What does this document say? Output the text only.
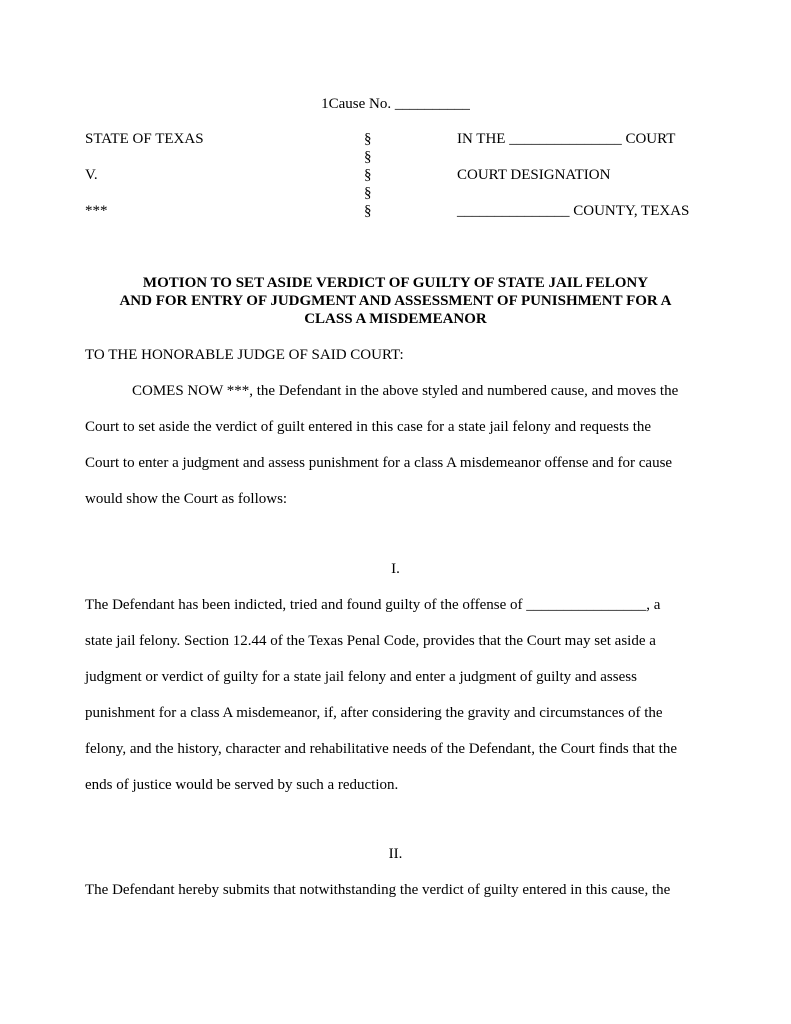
1Cause No. __________
STATE OF TEXAS
V.
***
§
§
§
§
§
IN THE _______________ COURT
COURT DESIGNATION
_______________ COUNTY, TEXAS
MOTION TO SET ASIDE VERDICT OF GUILTY OF STATE JAIL FELONY
AND FOR ENTRY OF JUDGMENT AND ASSESSMENT OF PUNISHMENT FOR A
CLASS A MISDEMEANOR
TO THE HONORABLE JUDGE OF SAID COURT:
COMES NOW ***, the Defendant in the above styled and numbered cause, and moves the
Court to set aside the verdict of guilt entered in this case for a state jail felony and requests the
Court to enter a judgment and assess punishment for a class A misdemeanor offense and for cause
would show the Court as follows:
I.
The Defendant has been indicted, tried and found guilty of the offense of ________________, a
state jail felony. Section 12.44 of the Texas Penal Code, provides that the Court may set aside a
judgment or verdict of guilty for a state jail felony and enter a judgment of guilty and assess
punishment for a class A misdemeanor, if, after considering the gravity and circumstances of the
felony, and the history, character and rehabilitative needs of the Defendant, the Court finds that the
ends of justice would be served by such a reduction.
II.
The Defendant hereby submits that notwithstanding the verdict of guilty entered in this cause, the
